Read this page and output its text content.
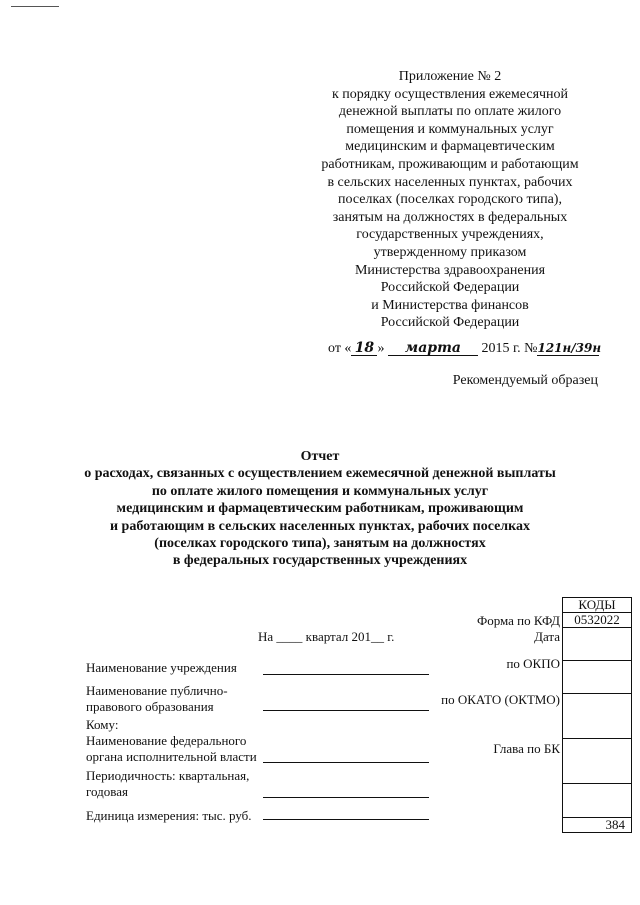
Приложение № 2
к порядку осуществления ежемесячной
денежной выплаты по оплате жилого
помещения и коммунальных услуг
медицинским и фармацевтическим
работникам, проживающим и работающим
в сельских населенных пунктах, рабочих
поселках (поселках городского типа),
занятым на должностях в федеральных
государственных учреждениях,
утвержденному приказом
Министерства здравоохранения
Российской Федерации
и Министерства финансов
Российской Федерации
от « 18 » марта 2015 г. №121н/39н
Рекомендуемый образец
Отчет
о расходах, связанных с осуществлением ежемесячной денежной выплаты
по оплате жилого помещения и коммунальных услуг
медицинским и фармацевтическим работникам, проживающим
и работающим в сельских населенных пунктах, рабочих поселках
(поселках городского типа), занятым на должностях
в федеральных государственных учреждениях
КОДЫ
0532022
384
Форма по КФД
Дата
по ОКПО
по ОКАТО (ОКТМО)
Глава по БК
На ____ квартал 201__ г.
Наименование учреждения
Наименование публично-правового образования
Кому:
Наименование федерального органа исполнительной власти
Периодичность: квартальная, годовая
Единица измерения: тыс. руб.
